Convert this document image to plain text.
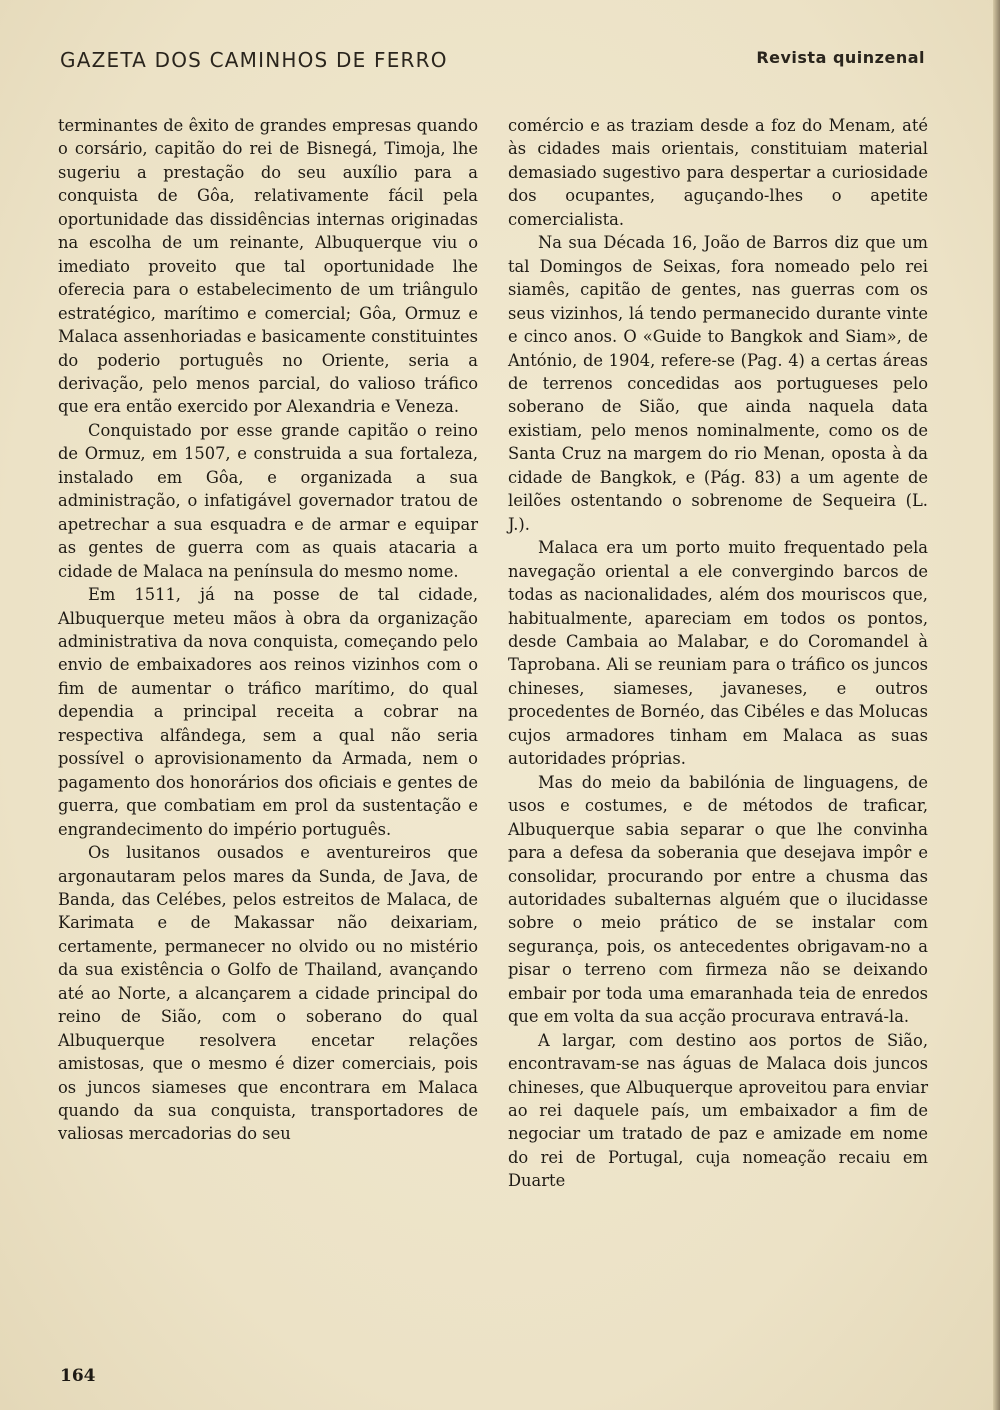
GAZETA DOS CAMINHOS DE FERRO	Revista quinzenal

terminantes de êxito de grandes empresas quando o corsário, capitão do rei de Bisnegá, Timoja, lhe sugeriu a prestação do seu auxílio para a conquista de Gôa, relativamente fácil pela oportunidade das dissidências internas originadas na escolha de um reinante, Albuquerque viu o imediato proveito que tal oportunidade lhe oferecia para o estabelecimento de um triângulo estratégico, marítimo e comercial; Gôa, Ormuz e Malaca assenhoriadas e basicamente constituintes do poderio português no Oriente, seria a derivação, pelo menos parcial, do valioso tráfico que era então exercido por Alexandria e Veneza.

Conquistado por esse grande capitão o reino de Ormuz, em 1507, e construida a sua fortaleza, instalado em Gôa, e organizada a sua administração, o infatigável governador tratou de apetrechar a sua esquadra e de armar e equipar as gentes de guerra com as quais atacaria a cidade de Malaca na península do mesmo nome.

Em 1511, já na posse de tal cidade, Albuquerque meteu mãos à obra da organização administrativa da nova conquista, começando pelo envio de embaixadores aos reinos vizinhos com o fim de aumentar o tráfico marítimo, do qual dependia a principal receita a cobrar na respectiva alfândega, sem a qual não seria possível o aprovisionamento da Armada, nem o pagamento dos honorários dos oficiais e gentes de guerra, que combatiam em prol da sustentação e engrandecimento do império português.

Os lusitanos ousados e aventureiros que argonautaram pelos mares da Sunda, de Java, de Banda, das Celébes, pelos estreitos de Malaca, de Karimata e de Makassar não deixariam, certamente, permanecer no olvido ou no mistério da sua existência o Golfo de Thailand, avançando até ao Norte, a alcançarem a cidade principal do reino de Sião, com o soberano do qual Albuquerque resolvera encetar relações amistosas, que o mesmo é dizer comerciais, pois os juncos siameses que encontrara em Malaca quando da sua conquista, transportadores de valiosas mercadorias do seu

comércio e as traziam desde a foz do Menam, até às cidades mais orientais, constituiam material demasiado sugestivo para despertar a curiosidade dos ocupantes, aguçando-lhes o apetite comercialista.

Na sua Década 16, João de Barros diz que um tal Domingos de Seixas, fora nomeado pelo rei siamês, capitão de gentes, nas guerras com os seus vizinhos, lá tendo permanecido durante vinte e cinco anos. O «Guide to Bangkok and Siam», de António, de 1904, refere-se (Pag. 4) a certas áreas de terrenos concedidas aos portugueses pelo soberano de Sião, que ainda naquela data existiam, pelo menos nominalmente, como os de Santa Cruz na margem do rio Menan, oposta à da cidade de Bangkok, e (Pág. 83) a um agente de leilões ostentando o sobrenome de Sequeira (L. J.).

Malaca era um porto muito frequentado pela navegação oriental a ele convergindo barcos de todas as nacionalidades, além dos mouriscos que, habitualmente, apareciam em todos os pontos, desde Cambaia ao Malabar, e do Coromandel à Taprobana. Ali se reuniam para o tráfico os juncos chineses, siameses, javaneses, e outros procedentes de Bornéo, das Cibéles e das Molucas cujos armadores tinham em Malaca as suas autoridades próprias.

Mas do meio da babilónia de linguagens, de usos e costumes, e de métodos de traficar, Albuquerque sabia separar o que lhe convinha para a defesa da soberania que desejava impôr e consolidar, procurando por entre a chusma das autoridades subalternas alguém que o ilucidasse sobre o meio prático de se instalar com segurança, pois, os antecedentes obrigavam-no a pisar o terreno com firmeza não se deixando embair por toda uma emaranhada teia de enredos que em volta da sua acção procurava entravá-la.

A largar, com destino aos portos de Sião, encontravam-se nas águas de Malaca dois juncos chineses, que Albuquerque aproveitou para enviar ao rei daquele país, um embaixador a fim de negociar um tratado de paz e amizade em nome do rei de Portugal, cuja nomeação recaiu em Duarte

164
